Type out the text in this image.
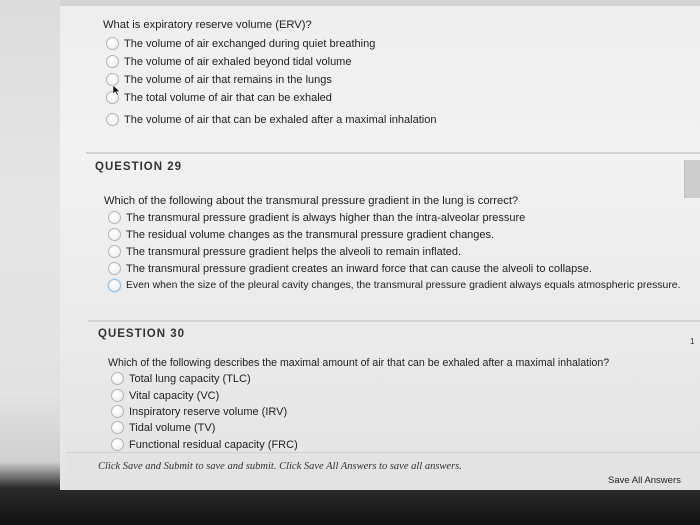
What is expiratory reserve volume (ERV)?
The volume of air exchanged during quiet breathing
The volume of air exhaled beyond tidal volume
The volume of air that remains in the lungs
The total volume of air that can be exhaled
The volume of air that can be exhaled after a maximal inhalation
QUESTION 29
Which of the following about the transmural pressure gradient in the lung is correct?
The transmural pressure gradient is always higher than the intra-alveolar pressure
The residual volume changes as the transmural pressure gradient changes.
The transmural pressure gradient helps the alveoli to remain inflated.
The transmural pressure gradient creates an inward force that can cause the alveoli to collapse.
Even when the size of the pleural cavity changes, the transmural pressure gradient always equals atmospheric pressure.
QUESTION 30
1
Which of the following describes the maximal amount of air that can be exhaled after a maximal inhalation?
Total lung capacity (TLC)
Vital capacity (VC)
Inspiratory reserve volume (IRV)
Tidal volume (TV)
Functional residual capacity (FRC)
Click Save and Submit to save and submit. Click Save All Answers to save all answers.
Save All Answers
